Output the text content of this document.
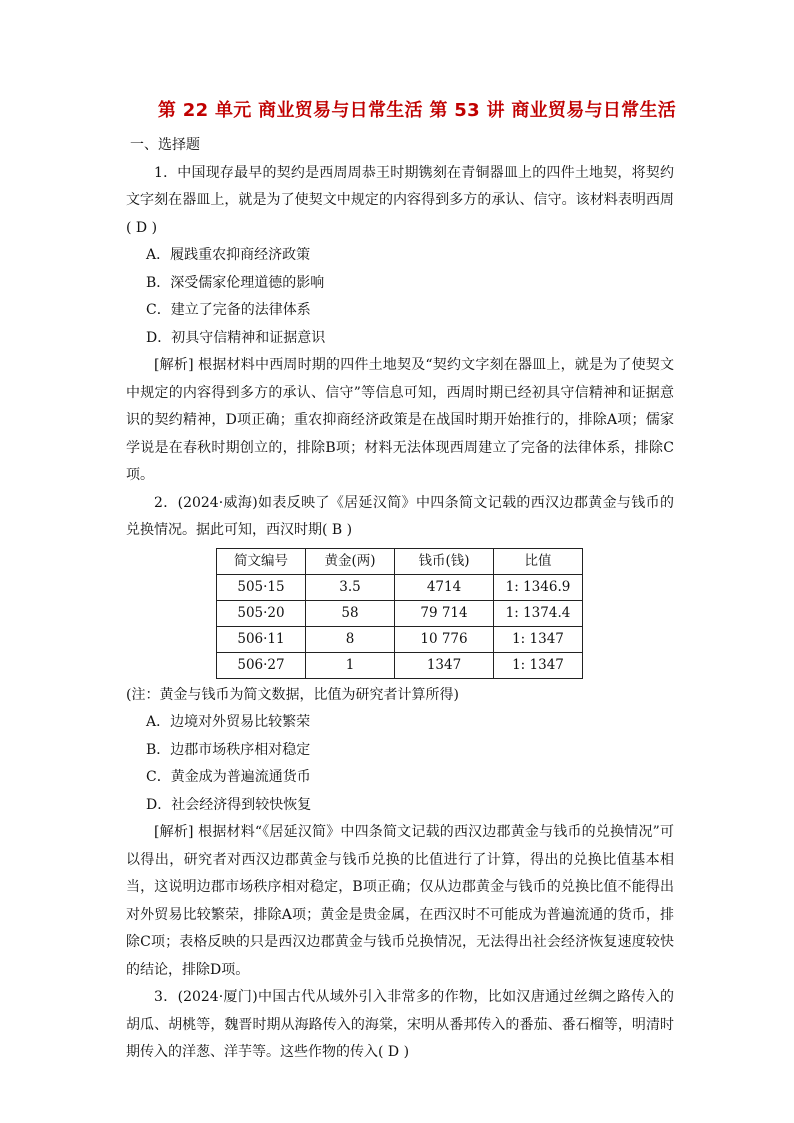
第 22 单元 商业贸易与日常生活 第 53 讲 商业贸易与日常生活

一、选择题

1．中国现存最早的契约是西周周恭王时期镌刻在青铜器皿上的四件土地契，将契约文字刻在器皿上，就是为了使契文中规定的内容得到多方的承认、信守。该材料表明西周( D )

A．履践重农抑商经济政策

B．深受儒家伦理道德的影响

C．建立了完备的法律体系

D．初具守信精神和证据意识

[解析] 根据材料中西周时期的四件土地契及“契约文字刻在器皿上，就是为了使契文中规定的内容得到多方的承认、信守”等信息可知，西周时期已经初具守信精神和证据意识的契约精神，D项正确；重农抑商经济政策是在战国时期开始推行的，排除A项；儒家学说是在春秋时期创立的，排除B项；材料无法体现西周建立了完备的法律体系，排除C项。

2．(2024·威海)如表反映了《居延汉简》中四条简文记载的西汉边郡黄金与钱币的兑换情况。据此可知，西汉时期( B )

简文编号	黄金(两)	钱币(钱)	比值
505·15	3.5	4714	1: 1346.9
505·20	58	79 714	1: 1374.4
506·11	8	10 776	1: 1347
506·27	1	1347	1: 1347

(注：黄金与钱币为简文数据，比值为研究者计算所得)

A．边境对外贸易比较繁荣

B．边郡市场秩序相对稳定

C．黄金成为普遍流通货币

D．社会经济得到较快恢复

[解析] 根据材料“《居延汉简》中四条简文记载的西汉边郡黄金与钱币的兑换情况”可以得出，研究者对西汉边郡黄金与钱币兑换的比值进行了计算，得出的兑换比值基本相当，这说明边郡市场秩序相对稳定，B项正确；仅从边郡黄金与钱币的兑换比值不能得出对外贸易比较繁荣，排除A项；黄金是贵金属，在西汉时不可能成为普遍流通的货币，排除C项；表格反映的只是西汉边郡黄金与钱币兑换情况，无法得出社会经济恢复速度较快的结论，排除D项。

3．(2024·厦门)中国古代从域外引入非常多的作物，比如汉唐通过丝绸之路传入的胡瓜、胡桃等，魏晋时期从海路传入的海棠，宋明从番邦传入的番茄、番石榴等，明清时期传入的洋葱、洋芋等。这些作物的传入( D )
